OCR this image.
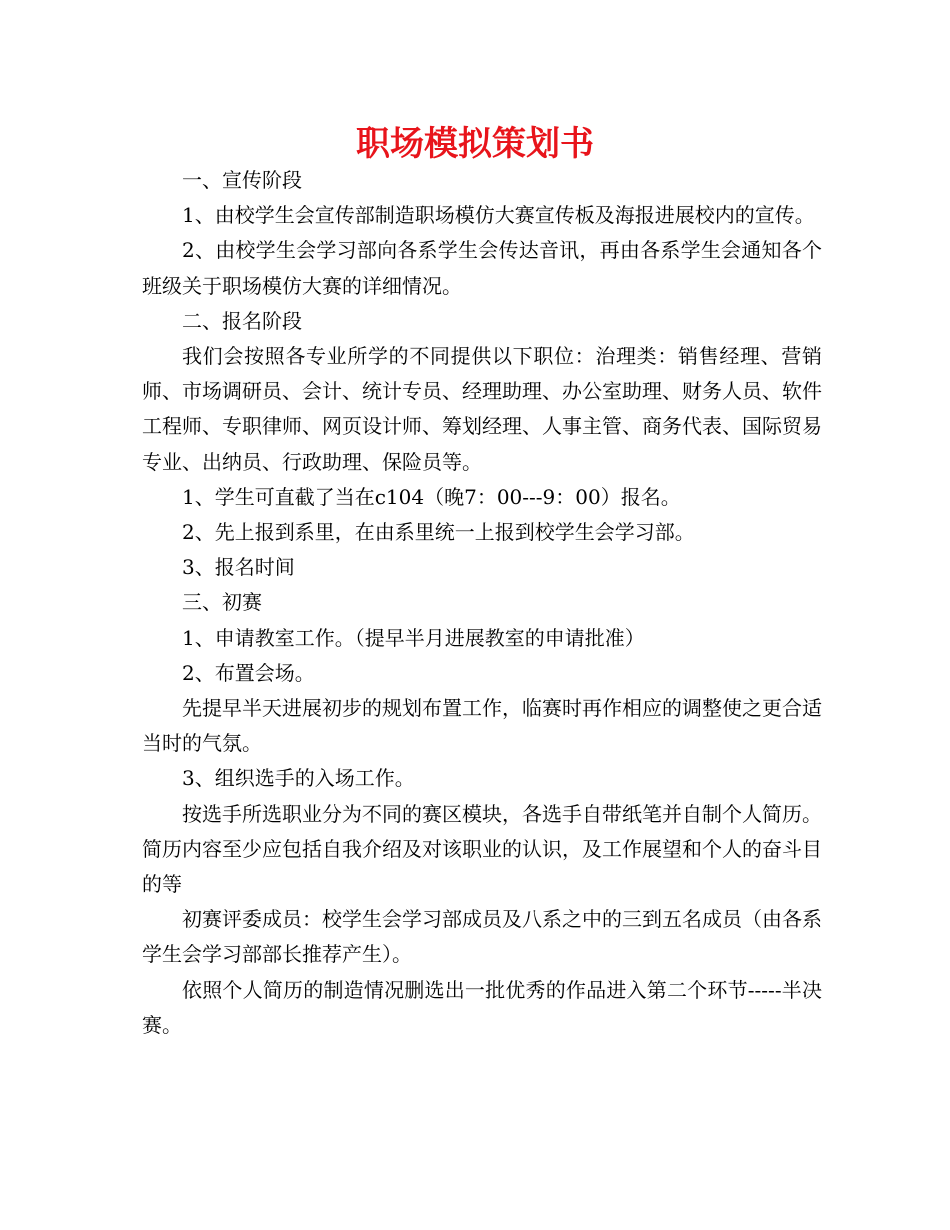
职场模拟策划书

一、宣传阶段

1、由校学生会宣传部制造职场模仿大赛宣传板及海报进展校内的宣传。

2、由校学生会学习部向各系学生会传达音讯，再由各系学生会通知各个班级关于职场模仿大赛的详细情况。

二、报名阶段

我们会按照各专业所学的不同提供以下职位：治理类：销售经理、营销师、市场调研员、会计、统计专员、经理助理、办公室助理、财务人员、软件工程师、专职律师、网页设计师、筹划经理、人事主管、商务代表、国际贸易专业、出纳员、行政助理、保险员等。

1、学生可直截了当在c104（晚7：00---9：00）报名。

2、先上报到系里，在由系里统一上报到校学生会学习部。

3、报名时间

三、初赛

1、申请教室工作。（提早半月进展教室的申请批准）

2、布置会场。

先提早半天进展初步的规划布置工作，临赛时再作相应的调整使之更合适当时的气氛。

3、组织选手的入场工作。

按选手所选职业分为不同的赛区模块，各选手自带纸笔并自制个人简历。简历内容至少应包括自我介绍及对该职业的认识，及工作展望和个人的奋斗目的等

初赛评委成员：校学生会学习部成员及八系之中的三到五名成员（由各系学生会学习部部长推荐产生）。

依照个人简历的制造情况删选出一批优秀的作品进入第二个环节-----半决赛。
